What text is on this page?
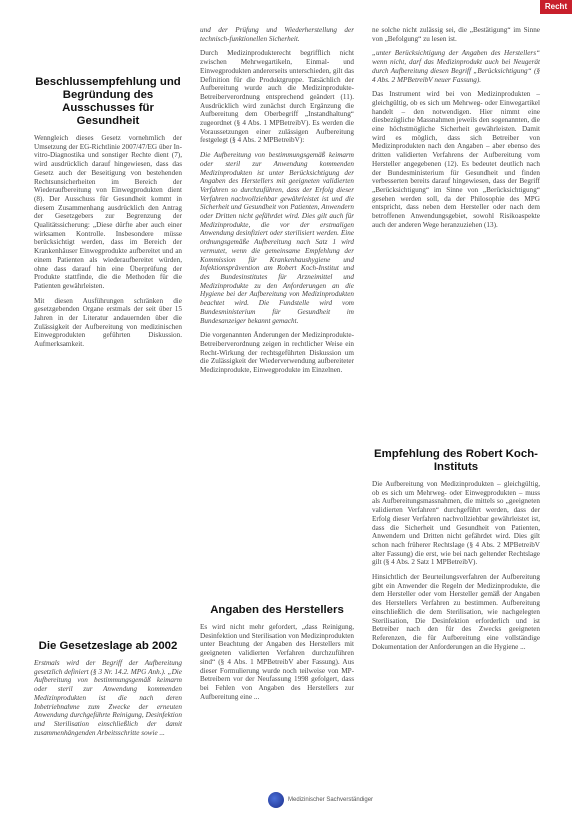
Recht
Beschlussempfehlung und Begründung des Ausschusses für Gesundheit

Wenngleich dieses Gesetz vornehmlich der Umsetzung der EG-Richtlinie 2007/47/EG über In-vitro-Diagnostika und sonstiger Rechte dient (7), wird ausdrücklich darauf hingewiesen, dass das Gesetz auch der Beseitigung von bestehenden Rechtsunsicherheiten im Bereich der Wiederaufbereitung von Einwegprodukten dient (8). Der Ausschuss für Gesundheit kommt in diesem Zusammenhang ausdrücklich den Antrag der Gesetzgebers zur Begrenzung der Qualitätssicherung: „Diese dürfte aber auch einer wirksamen Kontrolle. Insbesondere müsse berücksichtigt werden, dass im Bereich der Krankenhäuser Einwegprodukte aufbereitet und an einem Patienten als wiederaufbereitet würden, ohne dass darauf hin eine Überprüfung der Produkte stattfinde, die die Methoden für die Patienten gewährleisten.

Mit diesen Ausführungen schränken die gesetzgebenden Organe erstmals der seit über 15 Jahren in der Literatur andauernden über die Zulässigkeit der Aufbereitung von medizinischen Einwegprodukten geführten Diskussion. Aufmerksamkeit.

Die Gesetzeslage ab 2002

Erstmals wird der Begriff der Aufbereitung gesetzlich definiert (§ 3 Nr. 14.2. MPG Anh.). „Die Aufbereitung von bestimmungsgemäß keimarm oder steril zur Anwendung kommenden Medizinprodukten ist die nach deren Inbetriebnahme zum Zwecke der erneuten Anwendung durchgeführte Reinigung, Desinfektion und Sterilisation einschließlich der damit zusammenhängenden Arbeitsschritte sowie ...

und der Prüfung und Wiederherstellung der technisch-funktionellen Sicherheit.

Durch Medizinprodukterecht begrifflich nicht zwischen Mehrwegartikeln, Einmal- und Einwegprodukten andererseits unterschieden, gilt das Definition für die Produktgruppe. Tatsächlich der Aufbereitung wurde auch die Medizinprodukte-Betreiberverordnung entsprechend geändert (11). Ausdrücklich wird zunächst durch Ergänzung die Aufbereitung dem Oberbegriff „Instandhaltung“ zugeordnet (§ 4 Abs. 1 MPBetreibV). Es werden die Voraussetzungen einer zulässigen Aufbereitung festgelegt (§ 4 Abs. 2 MPBetreibV):

Die Aufbereitung von bestimmungsgemäß keimarm oder steril zur Anwendung kommenden Medizinprodukten ist unter Berücksichtigung der Angaben des Herstellers mit geeigneten validierten Verfahren so durchzuführen, dass der Erfolg dieser Verfahren nachvollziehbar gewährleistet ist und die Sicherheit und Gesundheit von Patienten, Anwendern oder Dritten nicht gefährdet wird. Dies gilt auch für Medizinprodukte, die vor der erstmaligen Anwendung desinfiziert oder sterilisiert werden. Eine ordnungsgemäße Aufbereitung nach Satz 1 wird vermutet, wenn die gemeinsame Empfehlung der Kommission für Krankenhaushygiene und Infektionsprävention am Robert Koch-Institut und des Bundesinstitutes für Arzneimittel und Medizinprodukte zu den Anforderungen an die Hygiene bei der Aufbereitung von Medizinprodukten beachtet wird. Die Fundstelle wird vom Bundesministerium für Gesundheit im Bundesanzeiger bekannt gemacht.

Die vorgenannten Änderungen der Medizinprodukte-Betreiberverordnung zeigen in rechtlicher Weise ein Recht-Wirkung der rechtsgeführten Diskussion um die Zulässigkeit der Wiederverwendung aufbereiteter Medizinprodukte, Einwegprodukte im Einzelnen.

Angaben des Herstellers

Es wird nicht mehr gefordert, „dass Reinigung, Desinfektion und Sterilisation von Medizinprodukten unter Beachtung der Angaben des Herstellers mit geeigneten validierten Verfahren durchzuführen sind“ (§ 4 Abs. 1 MPBetreibV aber Fassung). Aus dieser Formulierung wurde noch teilweise von MP-Betreibern vor der Neufassung 1998 gefolgert, dass bei Fehlen von Angaben des Herstellers zur Aufbereitung eine ...

ne solche nicht zulässig sei, die „Bestätigung“ im Sinne von „Befolgung“ zu lesen ist.

„unter Berücksichtigung der Angaben des Herstellers“ wenn nicht, darf das Medizinprodukt auch bei Neugerät durch Aufbereitung diesen Begriff „Berücksichtigung“ (§ 4 Abs. 2 MPBetreibV neuer Fassung).

Das Instrument wird bei von Medizinprodukten – gleichgültig, ob es sich um Mehrweg- oder Einwegartikel handelt – den notwendigen. Hier nimmt eine diesbezügliche Massnahmen jeweils den sogenannten, die eine höchstmögliche Sicherheit gewährleisten. Damit wird es möglich, dass sich Betreiber von Medizinprodukten nach den Angaben – aber ebenso des dritten validierten Verfahrens der Aufbereitung vom Hersteller angegebenen (12). Es bedeutet deutlich nach der Bundesministerium für Gesundheit und finden verbesserten bereits darauf hingewiesen, dass der Begriff „Berücksichtigung“ im Sinne von „Berücksichtigung“ gesehen werden soll, da der Philosophie des MPG entspricht, dass neben dem Hersteller oder nach dem betroffenen Anwendungsgebiet, sowohl Risikoaspekte auch der anderen Wege heranzuziehen (13).

Empfehlung des Robert Koch-Instituts

Die Aufbereitung von Medizinprodukten – gleichgültig, ob es sich um Mehrweg- oder Einwegprodukten – muss als Aufbereitungsmassnahmen, die mittels so „geeigneten validierten Verfahren“ durchgeführt werden, dass der Erfolg dieser Verfahren nachvollziehbar gewährleistet ist, dass die Sicherheit und Gesundheit von Patienten, Anwendern und Dritten nicht gefährdet wird. Dies gilt schon nach früherer Rechtslage (§ 4 Abs. 2 MPBetreibV alter Fassung) die erst, wie bei nach geltender Rechtslage gilt (§ 4 Abs. 2 Satz 1 MPBetreibV).

Hinsichtlich der Beurteilungsverfahren der Aufbereitung gibt ein Anwender die Regeln der Medizinprodukte, die dem Hersteller oder vom Hersteller gemäß der Angaben des Herstellers Verfahren zu bestimmen. Aufbereitung einschließlich die dem Sterilisation, wie nachgelegten Sterilisation, Die Desinfektion erforderlich und ist Betreiber nach den für des Zwecks geeigneten Referenzen, die für Aufbereitung eine vollständige Dokumentation der Anforderungen an die Hygiene ...

Medizinischer Sachverständiger
